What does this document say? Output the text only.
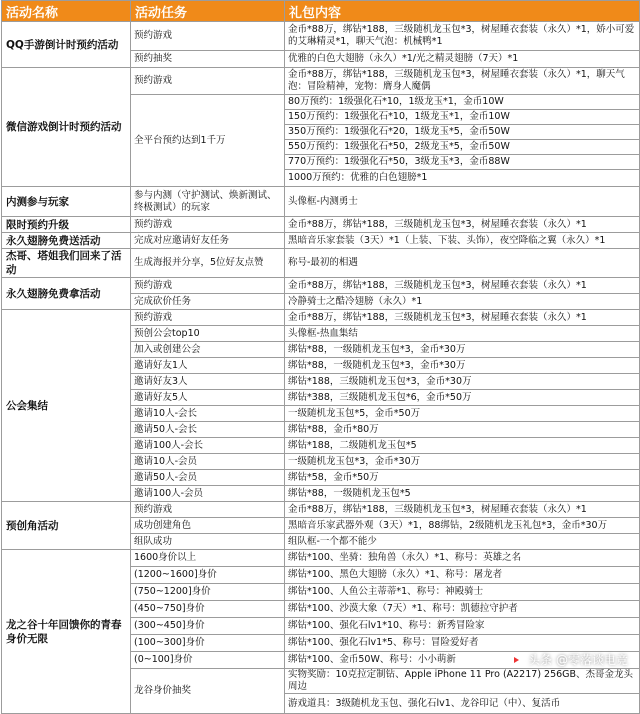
活动名称	活动任务	礼包内容
QQ手游倒计时预约活动	预约游戏	金币*88万，绑钻*188，三级随机龙玉包*3，树屋睡衣套装（永久）*1，娇小可爱的艾琳精灵*1，聊天气泡：机械鸭*1
	预约抽奖	优雅的白色大翅膀（永久）*1/光之精灵翅膀（7天）*1
微信游戏倒计时预约活动	预约游戏	金币*88万，绑钻*188，三级随机龙玉包*3，树屋睡衣套装（永久）*1，聊天气泡：冒险精神，宠物：膺身人魔偶
	全平台预约达到1千万	80万预约：1级强化石*10，1级龙玉*1，金币10W
		150万预约：1级强化石*10，1级龙玉*1，金币10W
		350万预约：1级强化石*20，1级龙玉*5，金币50W
		550万预约：1级强化石*50，2级龙玉*5，金币50W
		770万预约：1级强化石*50，3级龙玉*3，金币88W
		1000万预约：优雅的白色翅膀*1
内测参与玩家	参与内测（守护测试、焕新测试、终极测试）的玩家	头像框-内测勇士
限时预约升级	预约游戏	金币*88万，绑钻*188，三级随机龙玉包*3，树屋睡衣套装（永久）*1
永久翅膀免费送活动	完成对应邀请好友任务	黑暗音乐家套装（3天）*1（上装、下装、头饰），夜空降临之翼（永久）*1
杰哥、塔姐我们回来了活动	生成海报并分享，5位好友点赞	称号-最初的相遇
永久翅膀免费拿活动	预约游戏	金币*88万，绑钻*188，三级随机龙玉包*3，树屋睡衣套装（永久）*1
	完成砍价任务	冷静骑士之酷冷翅膀（永久）*1
公会集结	预约游戏	金币*88万，绑钻*188，三级随机龙玉包*3，树屋睡衣套装（永久）*1
	预创公会top10	头像框-热血集结
	加入或创建公会	绑钻*88，一级随机龙玉包*3，金币*30万
	邀请好友1人	绑钻*88，一级随机龙玉包*3，金币*30万
	邀请好友3人	绑钻*188，三级随机龙玉包*3，金币*30万
	邀请好友5人	绑钻*388，三级随机龙玉包*6，金币*50万
	邀请10人-会长	一级随机龙玉包*5，金币*50万
	邀请50人-会长	绑钻*88，金币*80万
	邀请100人-会长	绑钻*188，二级随机龙玉包*5
	邀请10人-会员	一级随机龙玉包*3，金币*30万
	邀请50人-会员	绑钻*58，金币*50万
	邀请100人-会员	绑钻*88，一级随机龙玉包*5
预创角活动	预约游戏	金币*88万，绑钻*188，三级随机龙玉包*3，树屋睡衣套装（永久）*1
	成功创建角色	黑暗音乐家武器外观（3天）*1，88绑钻，2级随机龙玉礼包*3，金币*30万
	组队成功	组队框-一个都不能少
龙之谷十年回馈你的青春 身价无限	1600身价以上	绑钻*100、坐骑：独角兽（永久）*1、称号：英雄之名
	(1200~1600]身价	绑钻*100、黑色大翅膀（永久）*1、称号：屠龙者
	(750~1200]身价	绑钻*100、人鱼公主蒂蒂*1、称号：神殿骑士
	(450~750]身价	绑钻*100、沙漠大象（7天）*1、称号：凯德拉守护者
	(300~450]身价	绑钻*100、强化石lv1*10、称号：新秀冒险家
	(100~300]身价	绑钻*100、强化石lv1*5、称号：冒险爱好者
	(0~100]身价	绑钻*100、金币50W、称号：小小萌新
	龙谷身价抽奖	实物奖励：10克拉定制钻、Apple iPhone 11 Pro (A2217) 256GB、杰哥金龙头周边
		游戏道具：3级随机龙玉包、强化石lv1、龙谷印记（中）、复活币
头条 @零落谈电竞
